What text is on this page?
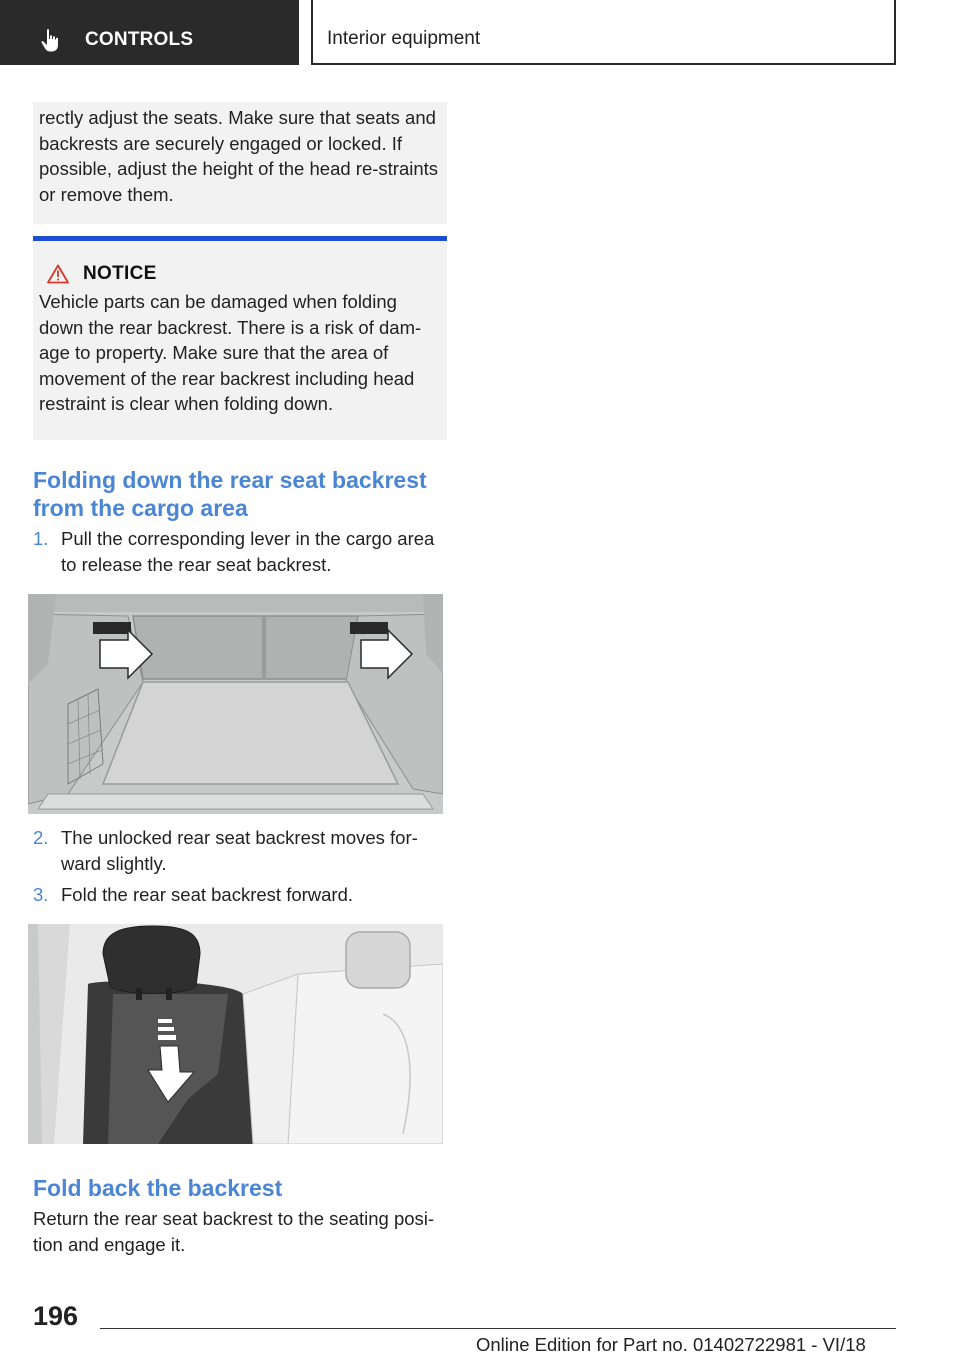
CONTROLS	Interior equipment

rectly adjust the seats. Make sure that seats and backrests are securely engaged or locked. If possible, adjust the height of the head re-straints or remove them.

NOTICE

Vehicle parts can be damaged when folding down the rear backrest. There is a risk of dam-age to property. Make sure that the area of movement of the rear backrest including head restraint is clear when folding down.

Folding down the rear seat backrest from the cargo area
1. Pull the corresponding lever in the cargo area to release the rear seat backrest.
2. The unlocked rear seat backrest moves for-ward slightly.
3. Fold the rear seat backrest forward.
Fold back the backrest

Return the rear seat backrest to the seating posi-tion and engage it.

196
Online Edition for Part no. 01402722981 - VI/18
